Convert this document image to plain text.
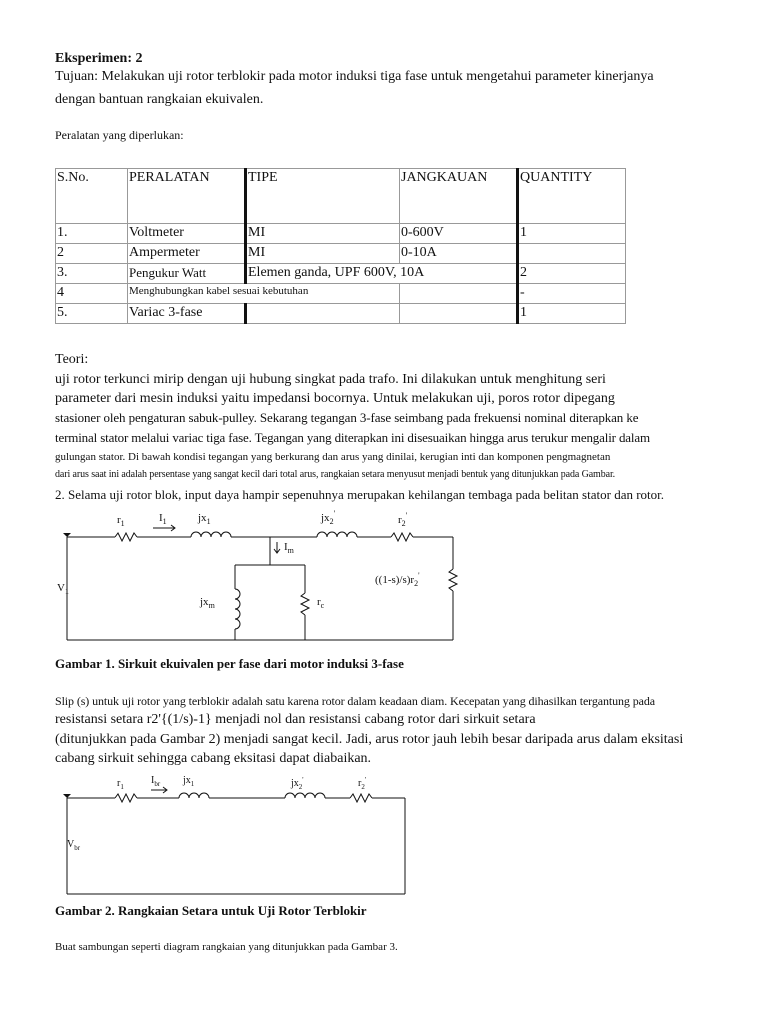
Eksperimen: 2
Tujuan: Melakukan uji rotor terblokir pada motor induksi tiga fase untuk mengetahui parameter kinerjanya
dengan bantuan rangkaian ekuivalen.
Peralatan yang diperlukan:
S.No.	PERALATAN	TIPE	JANGKAUAN	QUANTITY
1.	Voltmeter	MI	0-600V	1
2	Ampermeter	MI	0-10A	
3.	Pengukur Watt	Elemen ganda, UPF 600V, 10A		2
4	Menghubungkan kabel sesuai kebutuhan			-
5.	Variac 3-fase			1
Teori:
uji rotor terkunci mirip dengan uji hubung singkat pada trafo. Ini dilakukan untuk menghitung seri
parameter dari mesin induksi yaitu impedansi bocornya. Untuk melakukan uji, poros rotor dipegang
stasioner oleh pengaturan sabuk-pulley. Sekarang tegangan 3-fase seimbang pada frekuensi nominal diterapkan ke
terminal stator melalui variac tiga fase. Tegangan yang diterapkan ini disesuaikan hingga arus terukur mengalir dalam
gulungan stator. Di bawah kondisi tegangan yang berkurang dan arus yang dinilai, kerugian inti dan komponen pengmagnetan
dari arus saat ini adalah persentase yang sangat kecil dari total arus, rangkaian setara menyusut menjadi bentuk yang ditunjukkan pada Gambar.
2. Selama uji rotor blok, input daya hampir sepenuhnya merupakan kehilangan tembaga pada belitan stator dan rotor.
$r_1$	$I_1$	$jx_1$	$jx_2'$
$r_2'$
$I_m$
$V_1$
$jx_m$	$r_c$
$((1-s)/s)r_2'$
Gambar 1. Sirkuit ekuivalen per fase dari motor induksi 3-fase
Slip (s) untuk uji rotor yang terblokir adalah satu karena rotor dalam keadaan diam. Kecepatan yang dihasilkan tergantung pada
resistansi setara r2'{(1/s)-1} menjadi nol dan resistansi cabang rotor dari sirkuit setara
(ditunjukkan pada Gambar 2) menjadi sangat kecil. Jadi, arus rotor jauh lebih besar daripada arus dalam eksitasi
cabang sirkuit sehingga cabang eksitasi dapat diabaikan.
$r_1$
$I_{br}$ $jx_1$	$jx_2'$	$r_2'$
$V_{br}$
Gambar 2. Rangkaian Setara untuk Uji Rotor Terblokir
Buat sambungan seperti diagram rangkaian yang ditunjukkan pada Gambar 3.
